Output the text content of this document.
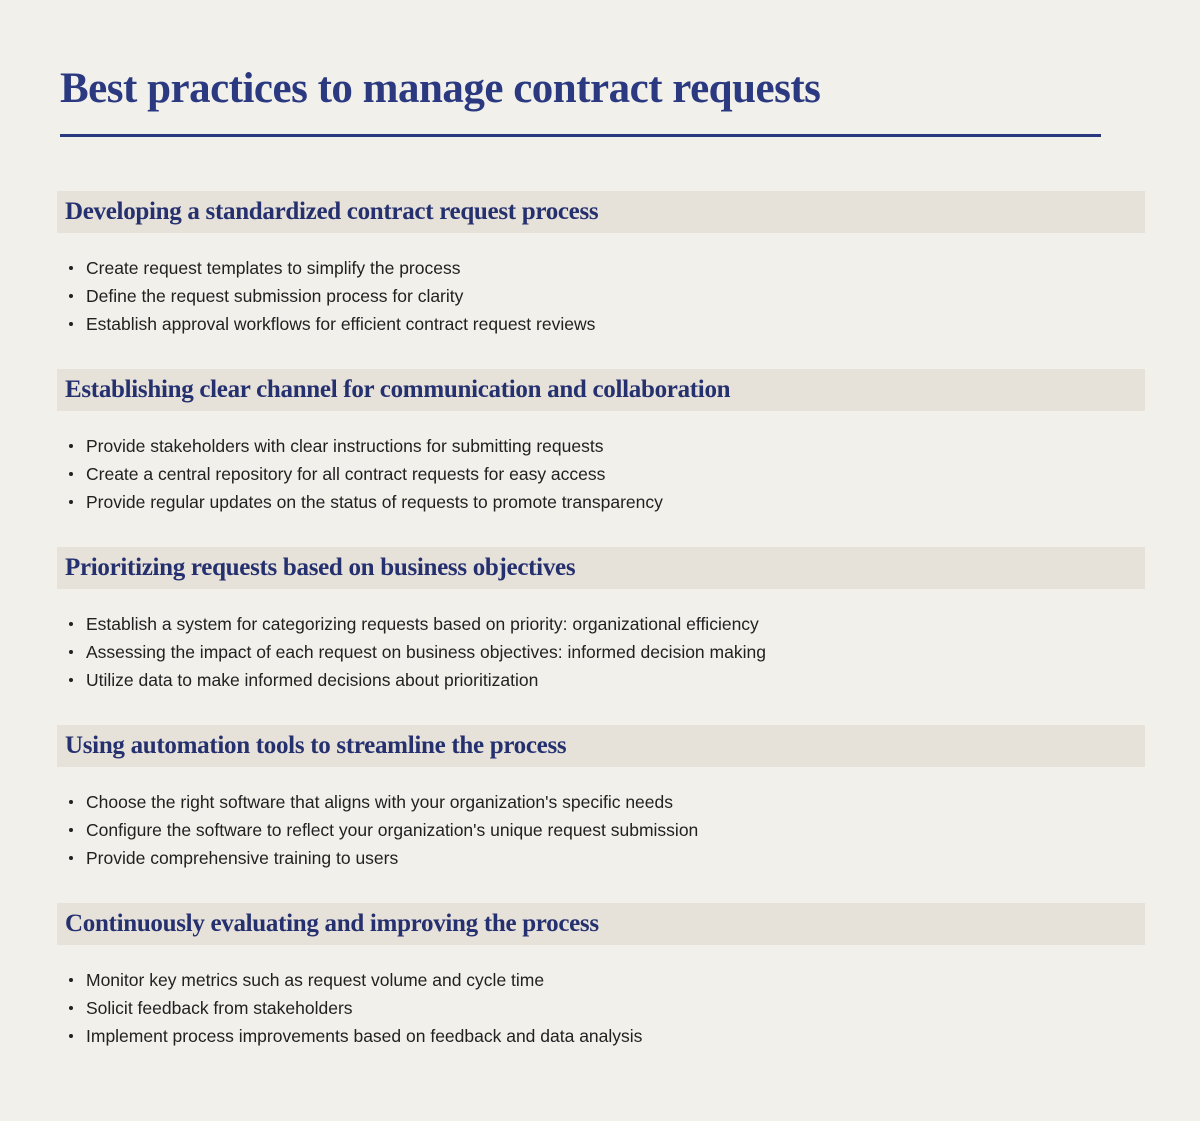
Best practices to manage contract requests
Developing a standardized contract request process
Create request templates to simplify the process
Define the request submission process for clarity
Establish approval workflows for efficient contract request reviews
Establishing clear channel for communication and collaboration
Provide stakeholders with clear instructions for submitting requests
Create a central repository for all contract requests for easy access
Provide regular updates on the status of requests to promote transparency
Prioritizing requests based on business objectives
Establish a system for categorizing requests based on priority: organizational efficiency
Assessing the impact of each request on business objectives: informed decision making
Utilize data to make informed decisions about prioritization
Using automation tools to streamline the process
Choose the right software that aligns with your organization's specific needs
Configure the software to reflect your organization's unique request submission
Provide comprehensive training to users
Continuously evaluating and improving the process
Monitor key metrics such as request volume and cycle time
Solicit feedback from stakeholders
Implement process improvements based on feedback and data analysis
